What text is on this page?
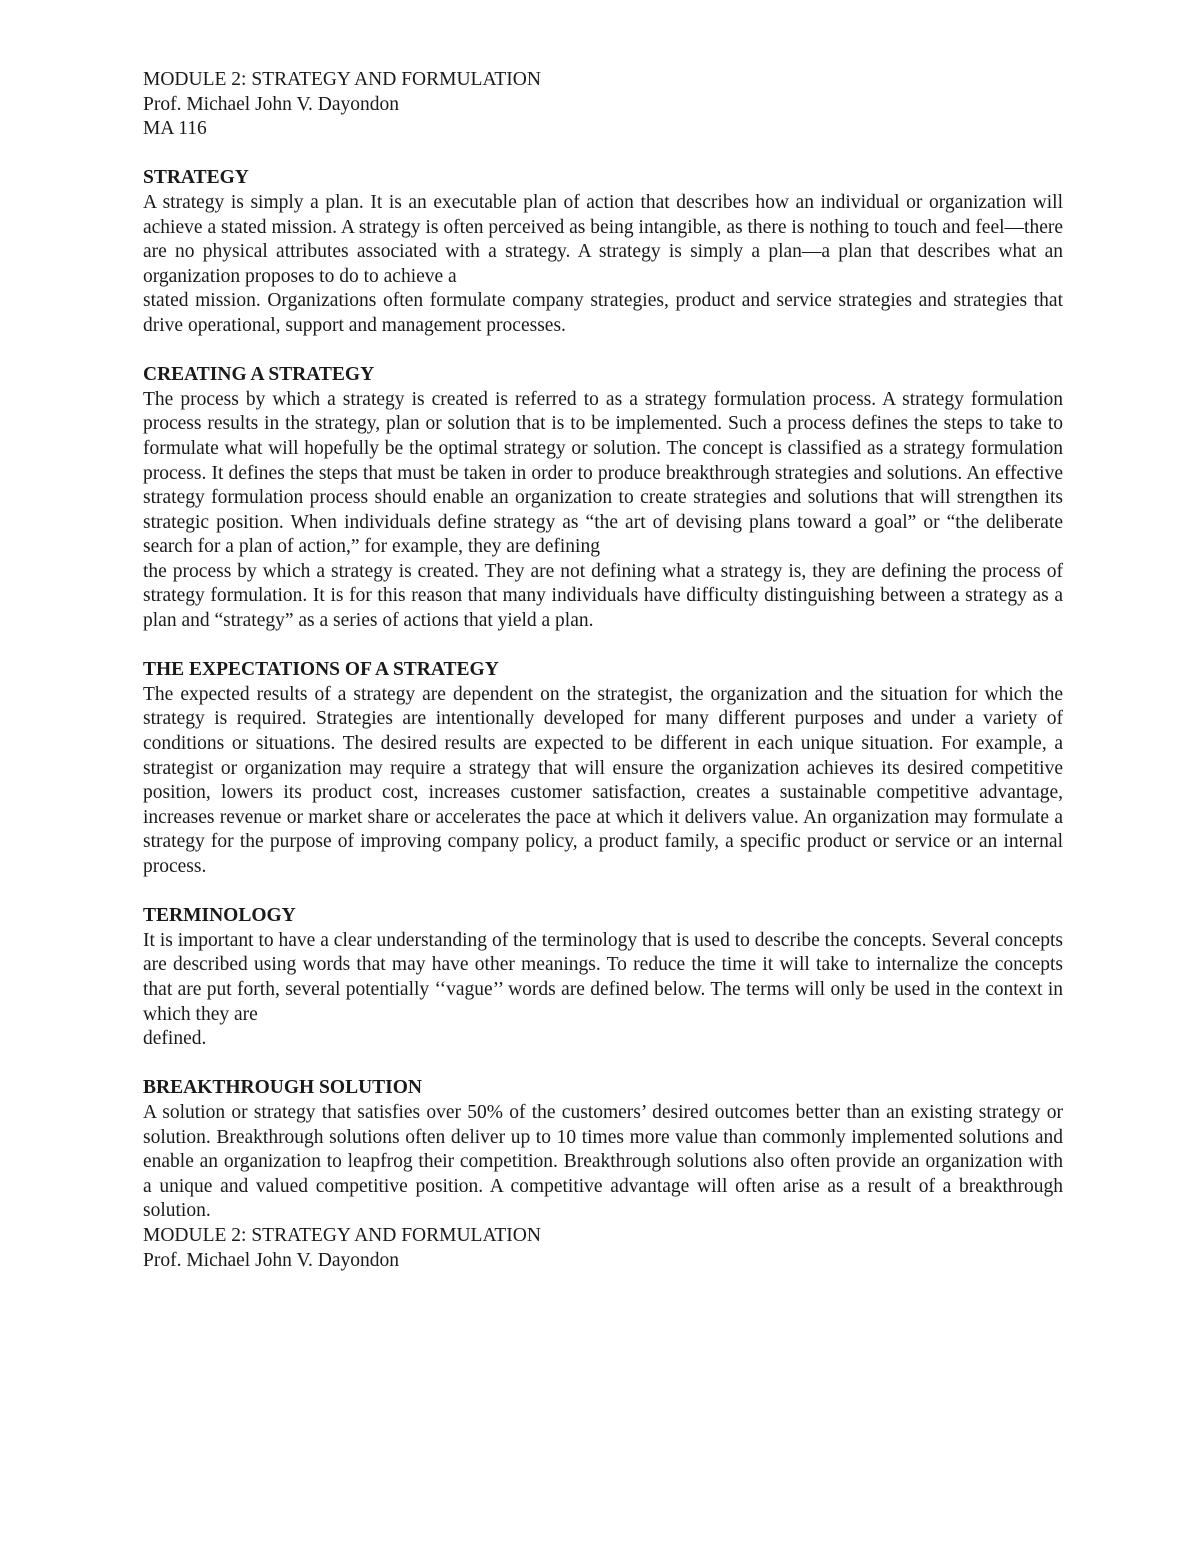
MODULE 2: STRATEGY AND FORMULATION

Prof. Michael John V. Dayondon

MA 116

STRATEGY

A strategy is simply a plan. It is an executable plan of action that describes how an individual or organization will achieve a stated mission. A strategy is often perceived as being intangible, as there is nothing to touch and feel—there are no physical attributes associated with a strategy. A strategy is simply a plan—a plan that describes what an organization proposes to do to achieve a
stated mission. Organizations often formulate company strategies, product and service strategies and strategies that drive operational, support and management processes.

CREATING A STRATEGY

The process by which a strategy is created is referred to as a strategy formulation process. A strategy formulation process results in the strategy, plan or solution that is to be implemented. Such a process defines the steps to take to formulate what will hopefully be the optimal strategy or solution. The concept is classified as a strategy formulation process. It defines the steps that must be taken in order to produce breakthrough strategies and solutions. An effective strategy formulation process should enable an organization to create strategies and solutions that will strengthen its strategic position. When individuals define strategy as “the art of devising plans toward a goal” or “the deliberate search for a plan of action,” for example, they are defining
the process by which a strategy is created. They are not defining what a strategy is, they are defining the process of strategy formulation. It is for this reason that many individuals have difficulty distinguishing between a strategy as a plan and “strategy” as a series of actions that yield a plan.

THE EXPECTATIONS OF A STRATEGY

The expected results of a strategy are dependent on the strategist, the organization and the situation for which the strategy is required. Strategies are intentionally developed for many different purposes and under a variety of conditions or situations. The desired results are expected to be different in each unique situation. For example, a strategist or organization may require a strategy that will ensure the organization achieves its desired competitive position, lowers its product cost, increases customer satisfaction, creates a sustainable competitive advantage, increases revenue or market share or accelerates the pace at which it delivers value. An organization may formulate a strategy for the purpose of improving company policy, a product family, a specific product or service or an internal process.

TERMINOLOGY

It is important to have a clear understanding of the terminology that is used to describe the concepts. Several concepts are described using words that may have other meanings. To reduce the time it will take to internalize the concepts that are put forth, several potentially ‘‘vague’’ words are defined below. The terms will only be used in the context in which they are
defined.

BREAKTHROUGH SOLUTION

A solution or strategy that satisfies over 50% of the customers’ desired outcomes better than an existing strategy or solution. Breakthrough solutions often deliver up to 10 times more value than commonly implemented solutions and enable an organization to leapfrog their competition. Breakthrough solutions also often provide an organization with a unique and valued competitive position. A competitive advantage will often arise as a result of a breakthrough solution.

MODULE 2: STRATEGY AND FORMULATION

Prof. Michael John V. Dayondon
